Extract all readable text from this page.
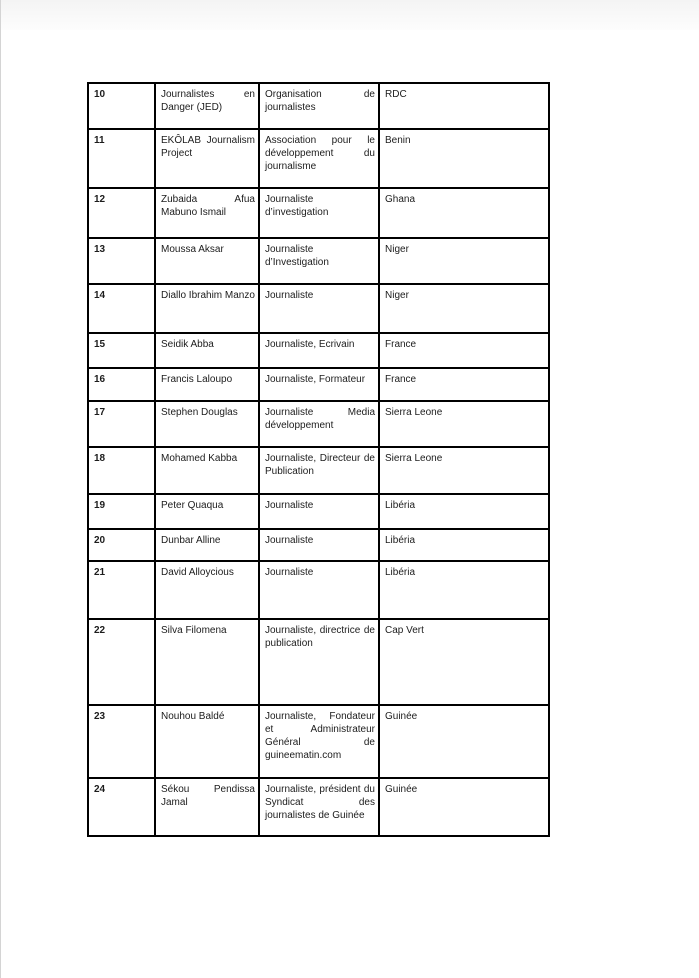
10	Journalistes en Danger (JED)	Organisation de journalistes	RDC
11	EKÔLAB Journalism Project	Association pour le développement du journalisme	Benin
12	Zubaida Afua Mabuno Ismail	Journaliste d’investigation	Ghana
13	Moussa Aksar	Journaliste d’Investigation	Niger
14	Diallo Ibrahim Manzo	Journaliste	Niger
15	Seidik Abba	Journaliste, Ecrivain	France
16	Francis Laloupo	Journaliste, Formateur	France
17	Stephen Douglas	Journaliste Media développement	Sierra Leone
18	Mohamed Kabba	Journaliste, Directeur de Publication	Sierra Leone
19	Peter Quaqua	Journaliste	Libéria
20	Dunbar Alline	Journaliste	Libéria
21	David Alloycious	Journaliste	Libéria
22	Silva Filomena	Journaliste, directrice de publication	Cap Vert
23	Nouhou Baldé	Journaliste, Fondateur et Administrateur Général de guineematin.com	Guinée
24	Sékou Pendissa Jamal	Journaliste, président du Syndicat des journalistes de Guinée	Guinée
